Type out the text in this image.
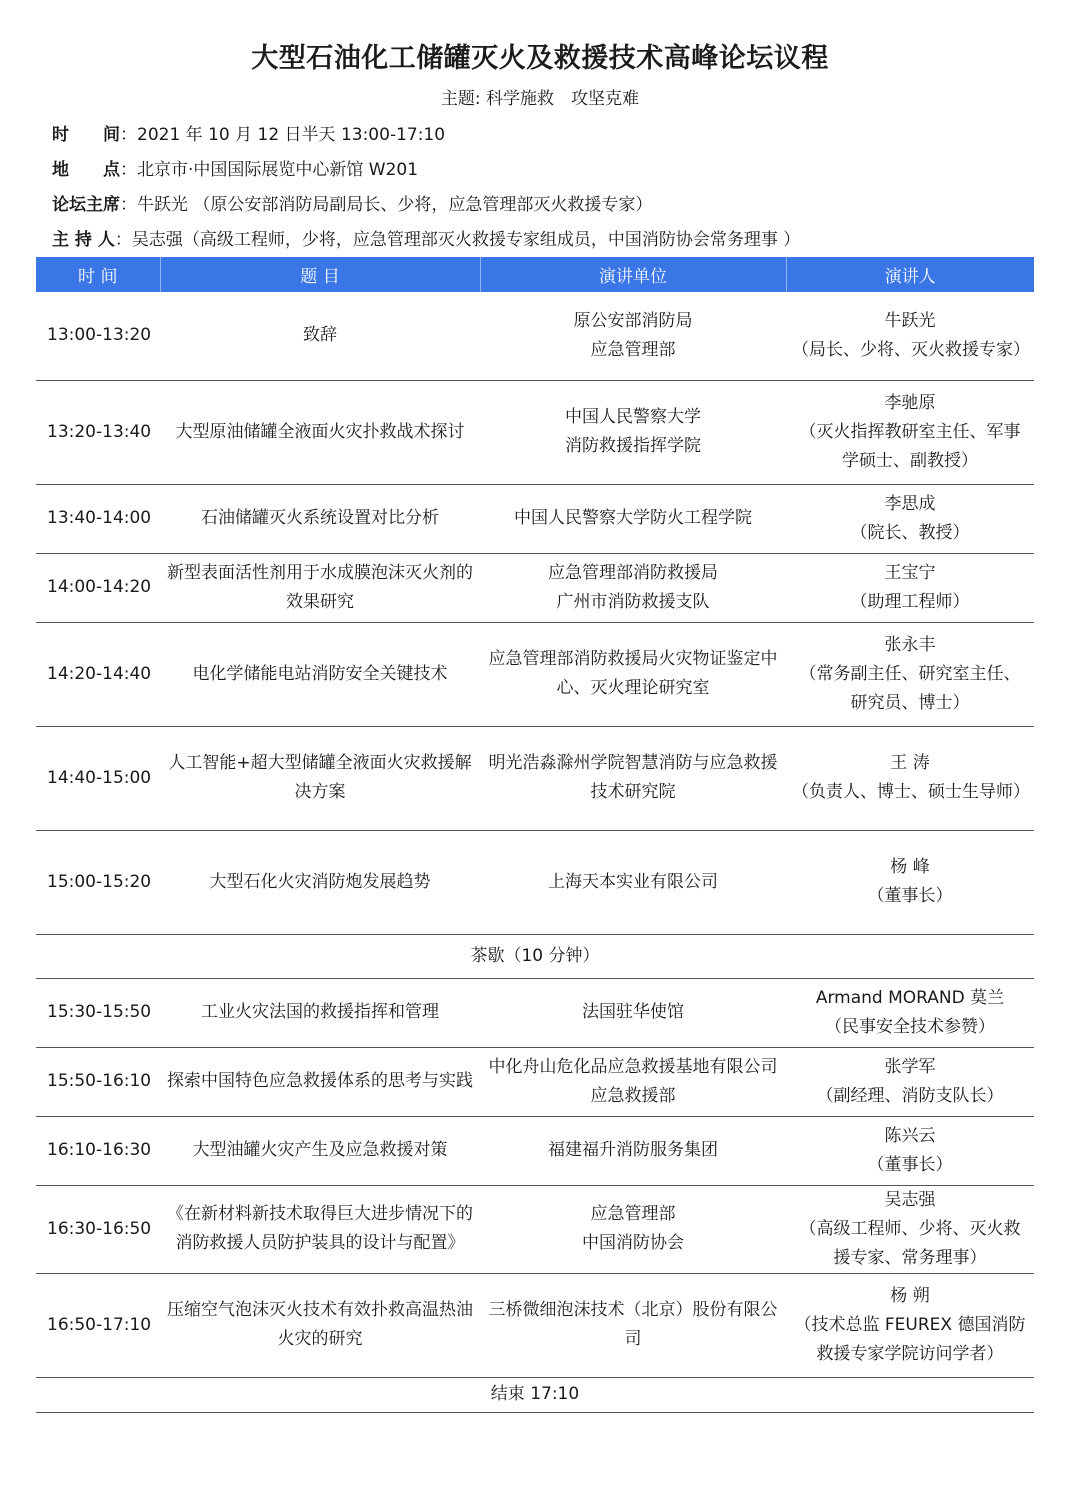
大型石油化工储罐灭火及救援技术高峰论坛议程
主题: 科学施救　攻坚克难
时　　间：2021 年 10 月 12 日半天 13:00-17:10
地　　点：北京市·中国国际展览中心新馆 W201
论坛主席：牛跃光 （原公安部消防局副局长、少将，应急管理部灭火救援专家）
主 持 人：吴志强（高级工程师，少将，应急管理部灭火救援专家组成员，中国消防协会常务理事 ）
时 间	题 目	演讲单位	演讲人
13:00-13:20	致辞	原公安部消防局
应急管理部	牛跃光
（局长、少将、灭火救援专家）

13:20-13:40	大型原油储罐全液面火灾扑救战术探讨	中国人民警察大学
消防救援指挥学院	李驰原
（灭火指挥教研室主任、军事学硕士、副教授）

13:40-14:00	石油储罐灭火系统设置对比分析	中国人民警察大学防火工程学院	李思成
（院长、教授）

14:00-14:20	新型表面活性剂用于水成膜泡沫灭火剂的效果研究	应急管理部消防救援局
广州市消防救援支队	王宝宁
（助理工程师）

14:20-14:40	电化学储能电站消防安全关键技术	应急管理部消防救援局火灾物证鉴定中心、灭火理论研究室	张永丰
（常务副主任、研究室主任、研究员、博士）

14:40-15:00	人工智能+超大型储罐全液面火灾救援解决方案	明光浩淼滁州学院智慧消防与应急救援技术研究院	王 涛
（负责人、博士、硕士生导师）

15:00-15:20	大型石化火灾消防炮发展趋势	上海天本实业有限公司	杨 峰
（董事长）

茶歇（10 分钟）			
15:30-15:50	工业火灾法国的救援指挥和管理	法国驻华使馆	Armand MORAND 莫兰
（民事安全技术参赞）

15:50-16:10	探索中国特色应急救援体系的思考与实践	中化舟山危化品应急救援基地有限公司应急救援部	张学军
（副经理、消防支队长）

16:10-16:30	大型油罐火灾产生及应急救援对策	福建福升消防服务集团	陈兴云
（董事长）

16:30-16:50	《在新材料新技术取得巨大进步情况下的消防救援人员防护装具的设计与配置》	应急管理部
中国消防协会	吴志强
（高级工程师、少将、灭火救援专家、常务理事）

16:50-17:10	压缩空气泡沫灭火技术有效扑救高温热油火灾的研究	三桥微细泡沫技术（北京）股份有限公司	杨 朔
（技术总监 FEUREX 德国消防救援专家学院访问学者）

结束 17:10			
